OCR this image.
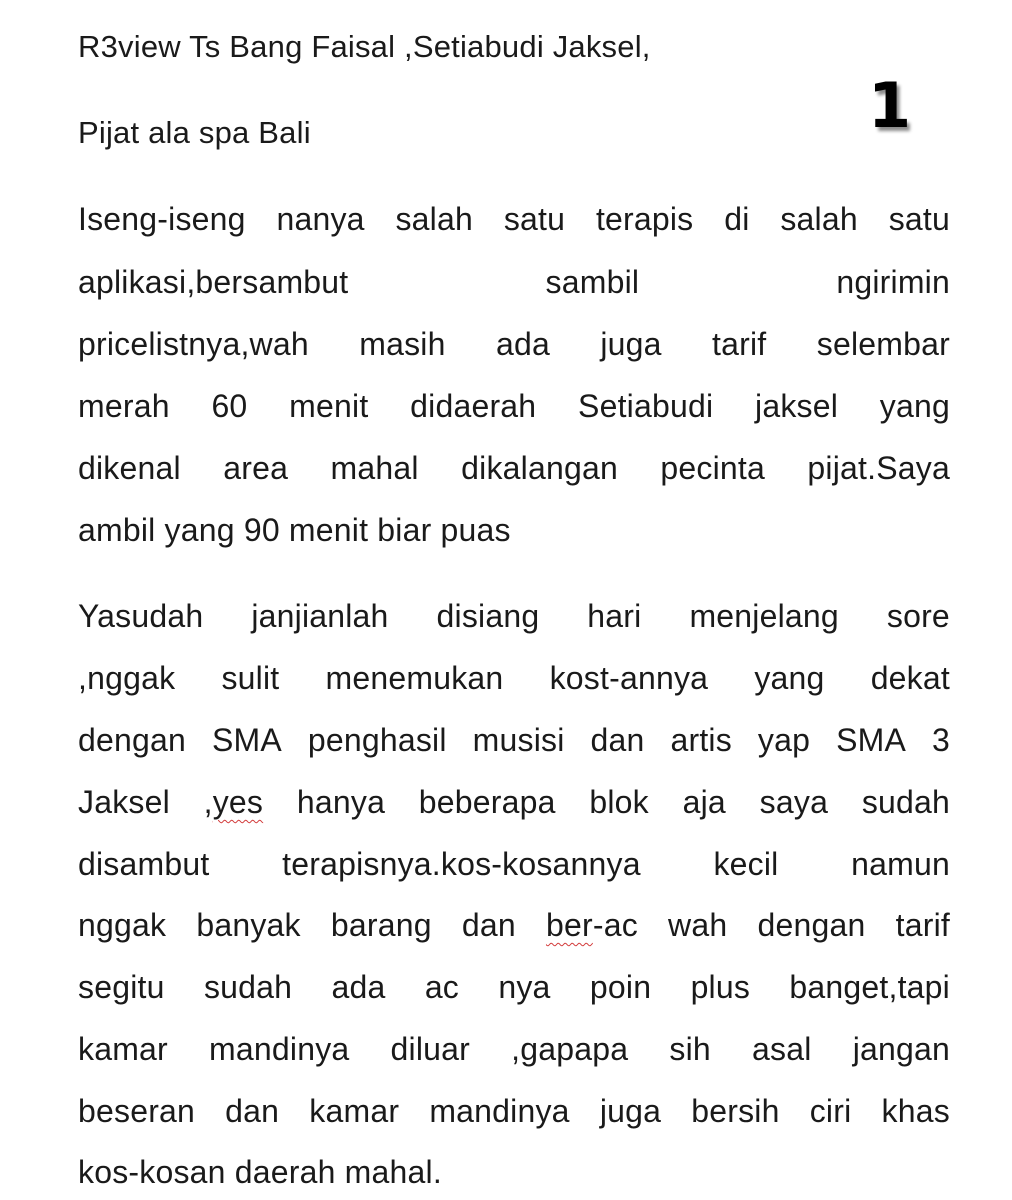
R3view Ts Bang Faisal ,Setiabudi Jaksel,
Pijat ala spa Bali	1
Iseng-iseng nanya salah satu terapis di salah satu
aplikasi,bersambut	sambil	ngirimin
pricelistnya,wah masih ada juga tarif selembar
merah 60 menit didaerah Setiabudi jaksel yang
dikenal area mahal dikalangan pecinta pijat.Saya
ambil yang 90 menit biar puas
Yasudah janjianlah disiang hari menjelang sore
,nggak sulit menemukan kost-annya yang dekat
dengan SMA penghasil musisi dan artis yap SMA 3
Jaksel ,yes hanya beberapa blok aja saya sudah
disambut terapisnya.kos-kosannya kecil namun
nggak banyak barang dan ber-ac wah dengan tarif
segitu sudah ada ac nya poin plus banget,tapi
kamar mandinya diluar ,gapapa sih asal jangan
beseran dan kamar mandinya juga bersih ciri khas
kos-kosan daerah mahal.
